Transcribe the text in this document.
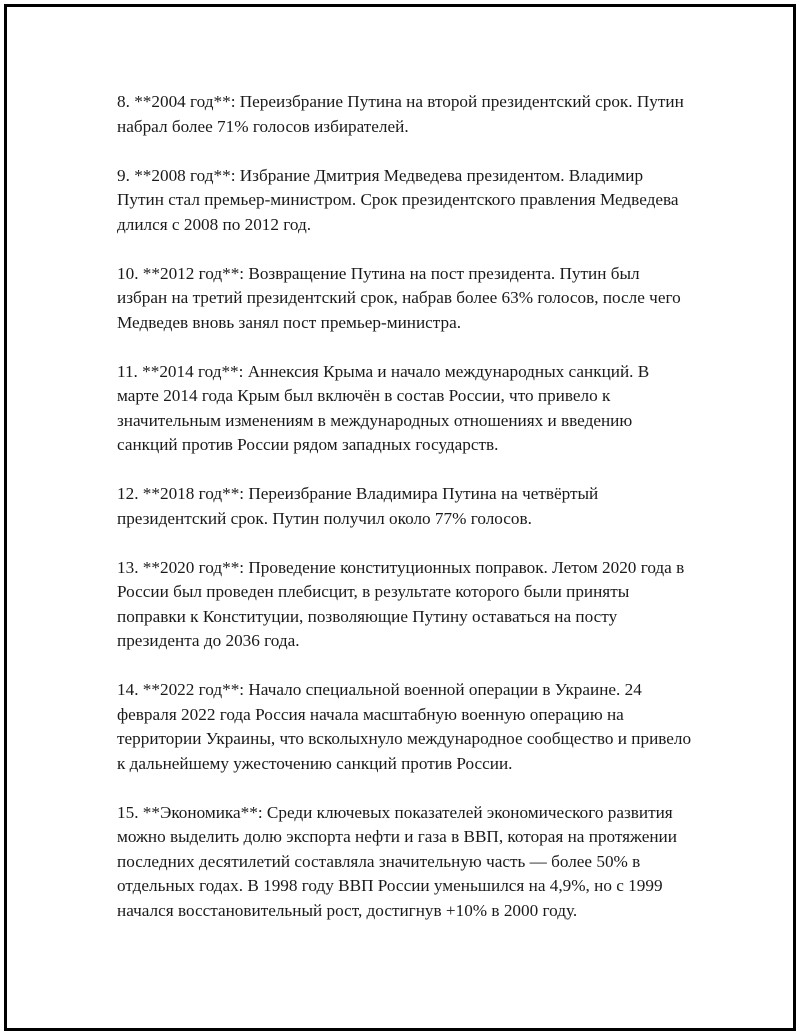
8. **2004 год**: Переизбрание Путина на второй президентский срок. Путин набрал более 71% голосов избирателей.

9. **2008 год**: Избрание Дмитрия Медведева президентом. Владимир Путин стал премьер-министром. Срок президентского правления Медведева длился с 2008 по 2012 год.

10. **2012 год**: Возвращение Путина на пост президента. Путин был избран на третий президентский срок, набрав более 63% голосов, после чего Медведев вновь занял пост премьер-министра.

11. **2014 год**: Аннексия Крыма и начало международных санкций. В марте 2014 года Крым был включён в состав России, что привело к значительным изменениям в международных отношениях и введению санкций против России рядом западных государств.

12. **2018 год**: Переизбрание Владимира Путина на четвёртый президентский срок. Путин получил около 77% голосов.

13. **2020 год**: Проведение конституционных поправок. Летом 2020 года в России был проведен плебисцит, в результате которого были приняты поправки к Конституции, позволяющие Путину оставаться на посту президента до 2036 года.

14. **2022 год**: Начало специальной военной операции в Украине. 24 февраля 2022 года Россия начала масштабную военную операцию на территории Украины, что всколыхнуло международное сообщество и привело к дальнейшему ужесточению санкций против России.

15. **Экономика**: Среди ключевых показателей экономического развития можно выделить долю экспорта нефти и газа в ВВП, которая на протяжении последних десятилетий составляла значительную часть — более 50% в отдельных годах. В 1998 году ВВП России уменьшился на 4,9%, но с 1999 начался восстановительный рост, достигнув +10% в 2000 году.
